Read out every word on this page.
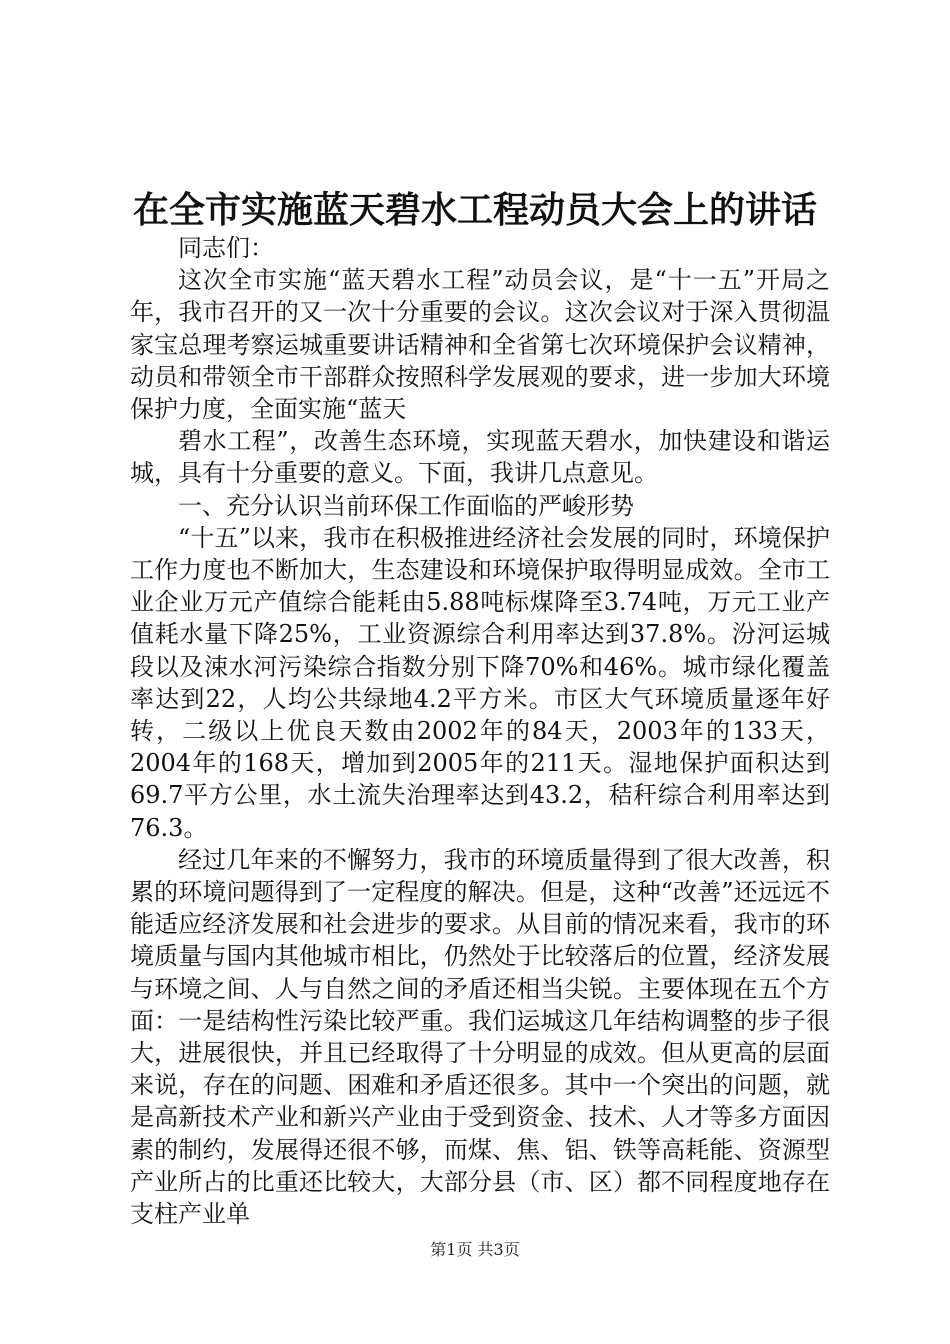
在全市实施蓝天碧水工程动员大会上的讲话

同志们：

这次全市实施“蓝天碧水工程”动员会议，是“十一五”开局之年，我市召开的又一次十分重要的会议。这次会议对于深入贯彻温家宝总理考察运城重要讲话精神和全省第七次环境保护会议精神，动员和带领全市干部群众按照科学发展观的要求，进一步加大环境保护力度，全面实施“蓝天

碧水工程”，改善生态环境，实现蓝天碧水，加快建设和谐运城，具有十分重要的意义。下面，我讲几点意见。

一、充分认识当前环保工作面临的严峻形势

“十五”以来，我市在积极推进经济社会发展的同时，环境保护工作力度也不断加大，生态建设和环境保护取得明显成效。全市工业企业万元产值综合能耗由5.88吨标煤降至3.74吨，万元工业产值耗水量下降25%，工业资源综合利用率达到37.8%。汾河运城段以及涑水河污染综合指数分别下降70%和46%。城市绿化覆盖率达到22，人均公共绿地4.2平方米。市区大气环境质量逐年好转，二级以上优良天数由2002年的84天，2003年的133天，2004年的168天，增加到2005年的211天。湿地保护面积达到69.7平方公里，水土流失治理率达到43.2，秸秆综合利用率达到76.3。

经过几年来的不懈努力，我市的环境质量得到了很大改善，积累的环境问题得到了一定程度的解决。但是，这种“改善”还远远不能适应经济发展和社会进步的要求。从目前的情况来看，我市的环境质量与国内其他城市相比，仍然处于比较落后的位置，经济发展与环境之间、人与自然之间的矛盾还相当尖锐。主要体现在五个方面：一是结构性污染比较严重。我们运城这几年结构调整的步子很大，进展很快，并且已经取得了十分明显的成效。但从更高的层面来说，存在的问题、困难和矛盾还很多。其中一个突出的问题，就是高新技术产业和新兴产业由于受到资金、技术、人才等多方面因素的制约，发展得还很不够，而煤、焦、铝、铁等高耗能、资源型产业所占的比重还比较大，大部分县（市、区）都不同程度地存在支柱产业单

第1页 共3页
